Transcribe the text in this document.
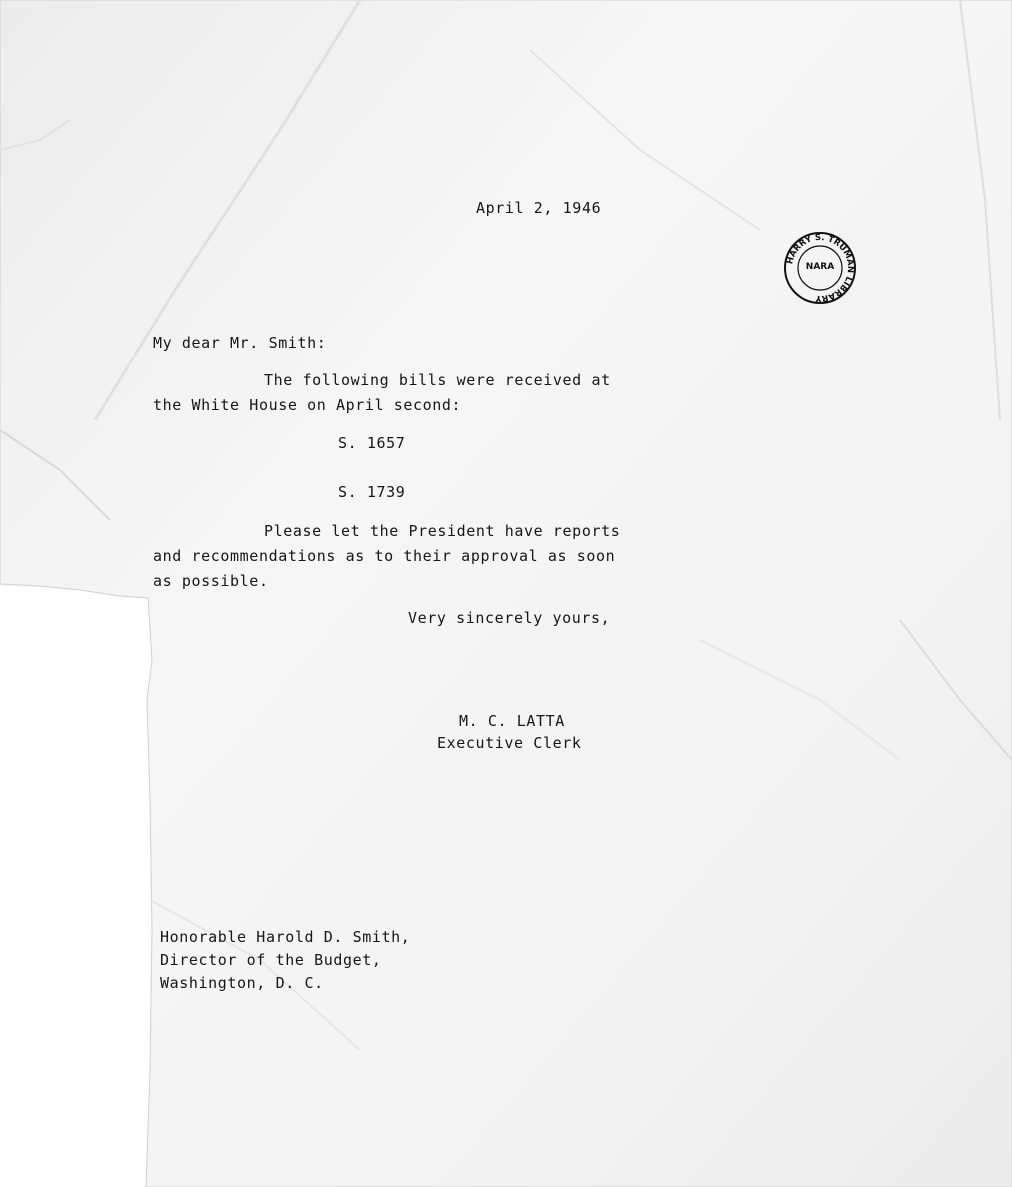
HARRY S. TRUMAN LIBRARY
NARA
April 2, 1946
My dear Mr. Smith:
The following bills were received at
the White House on April second:
S. 1657
S. 1739
Please let the President have reports
and recommendations as to their approval as soon
as possible.
Very sincerely yours,
M. C. LATTA
Executive Clerk
Honorable Harold D. Smith,
Director of the Budget,
Washington, D. C.
